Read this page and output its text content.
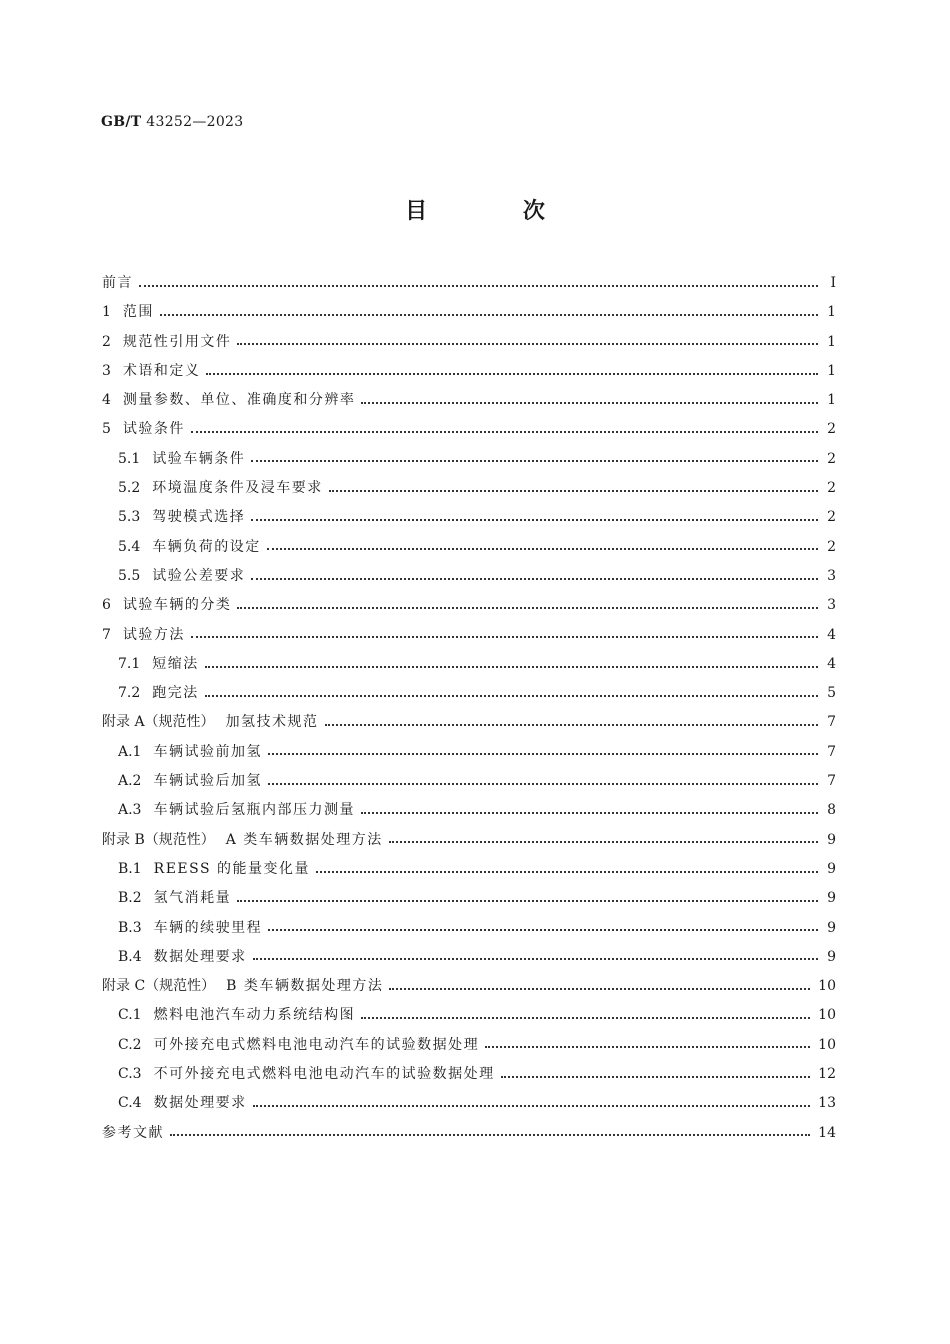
GB/T 43252—2023
目 次
前言	Ⅰ
1 范围	1
2 规范性引用文件	1
3 术语和定义	1
4 测量参数、单位、准确度和分辨率	1
5 试验条件	2
5.1 试验车辆条件	2
5.2 环境温度条件及浸车要求	2
5.3 驾驶模式选择	2
5.4 车辆负荷的设定	2
5.5 试验公差要求	3
6 试验车辆的分类	3
7 试验方法	4
7.1 短缩法	4
7.2 跑完法	5
附录 A（规范性） 加氢技术规范	7
A.1 车辆试验前加氢	7
A.2 车辆试验后加氢	7
A.3 车辆试验后氢瓶内部压力测量	8
附录 B（规范性） A 类车辆数据处理方法	9
B.1 REESS 的能量变化量	9
B.2 氢气消耗量	9
B.3 车辆的续驶里程	9
B.4 数据处理要求	9
附录 C（规范性） B 类车辆数据处理方法	10
C.1 燃料电池汽车动力系统结构图	10
C.2 可外接充电式燃料电池电动汽车的试验数据处理	10
C.3 不可外接充电式燃料电池电动汽车的试验数据处理	12
C.4 数据处理要求	13
参考文献	14
